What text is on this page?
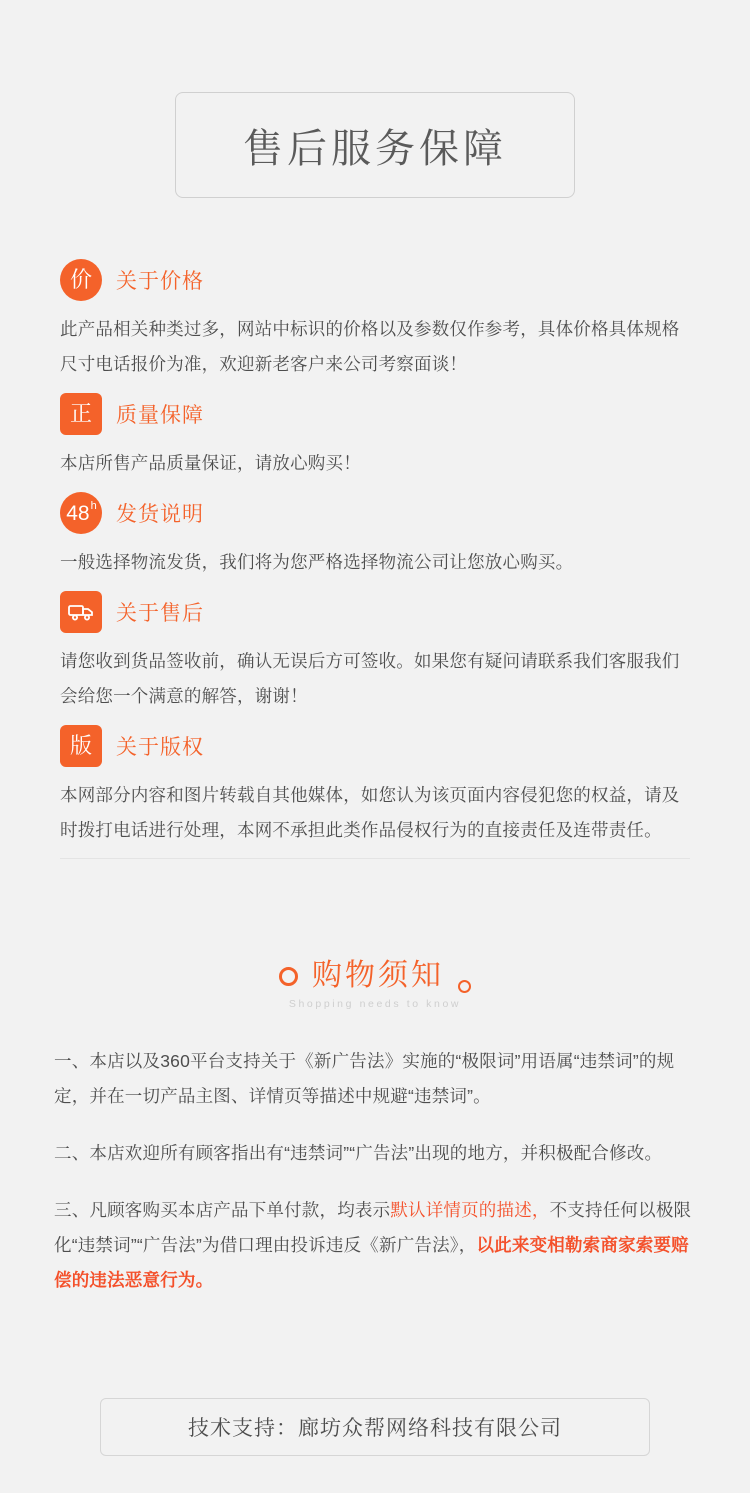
售后服务保障
价	关于价格
此产品相关种类过多，网站中标识的价格以及参数仅作参考，具体价格具体规格尺寸电话报价为准，欢迎新老客户来公司考察面谈！
正	质量保障
本店所售产品质量保证，请放心购买！
48 h 发货说明
一般选择物流发货，我们将为您严格选择物流公司让您放心购买。
关于售后
请您收到货品签收前，确认无误后方可签收。如果您有疑问请联系我们客服我们会给您一个满意的解答，谢谢！
版	关于版权
本网部分内容和图片转载自其他媒体，如您认为该页面内容侵犯您的权益，请及时拨打电话进行处理，本网不承担此类作品侵权行为的直接责任及连带责任。
购物须知
Shopping needs to know

一、本店以及360平台支持关于《新广告法》实施的“极限词”用语属“违禁词”的规定，并在一切产品主图、详情页等描述中规避“违禁词”。

二、本店欢迎所有顾客指出有“违禁词”“广告法”出现的地方，并积极配合修改。

三、凡顾客购买本店产品下单付款，均表示默认详情页的描述，不支持任何以极限化“违禁词”“广告法”为借口理由投诉违反《新广告法》，以此来变相勒索商家索要赔偿的违法恶意行为。

技术支持：廊坊众帮网络科技有限公司
